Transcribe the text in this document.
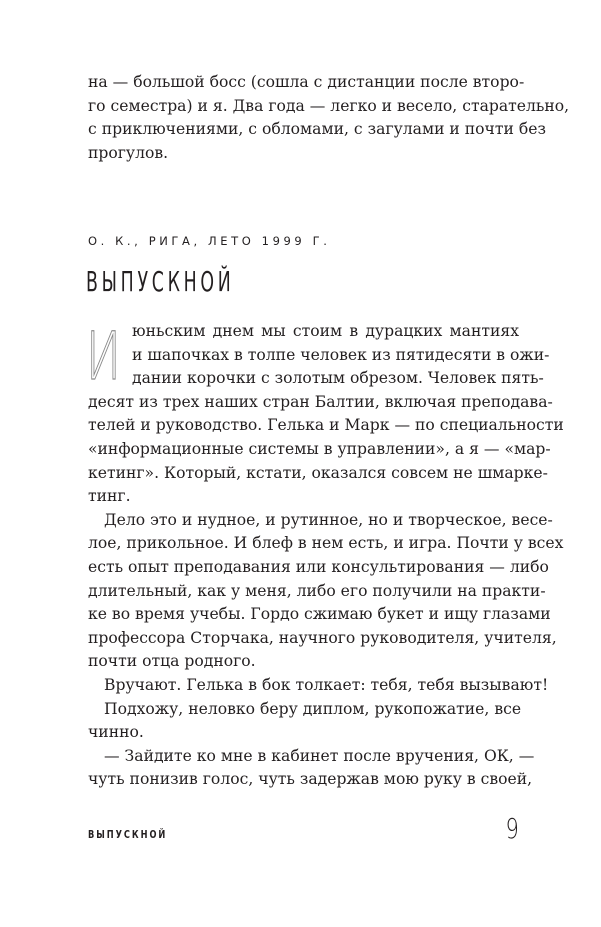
на — большой босс (сошла с дистанции после второ-
го семестра) и я. Два года — легко и весело, старательно,
с приключениями, с обломами, с загулами и почти без
прогулов.
О. К., РИГА, ЛЕТО 1999 Г.
ВЫПУСКНОЙ
И юньским днем мы стоим в дурацких мантиях
и шапочках в толпе человек из пятидесяти в ожи-
дании корочки с золотым обрезом. Человек пять-
десят из трех наших стран Балтии, включая преподава-
телей и руководство. Гелька и Марк — по специальности
«информационные системы в управлении», а я — «мар-
кетинг». Который, кстати, оказался совсем не шмаркe-
тинг.
Дело это и нудное, и рутинное, но и творческое, весе-
лое, прикольное. И блеф в нем есть, и игра. Почти у всех
есть опыт преподавания или консультирования — либо
длительный, как у меня, либо его получили на практи-
ке во время учебы. Гордо сжимаю букет и ищу глазами
профессора Сторчака, научного руководителя, учителя,
почти отца родного.
Вручают. Гелька в бок толкает: тебя, тебя вызывают!
Подхожу, неловко беру диплом, рукопожатие, все
чинно.
— Зайдите ко мне в кабинет после вручения, ОК, —
чуть понизив голос, чуть задержав мою руку в своей,
ВЫПУСКНОЙ	9
